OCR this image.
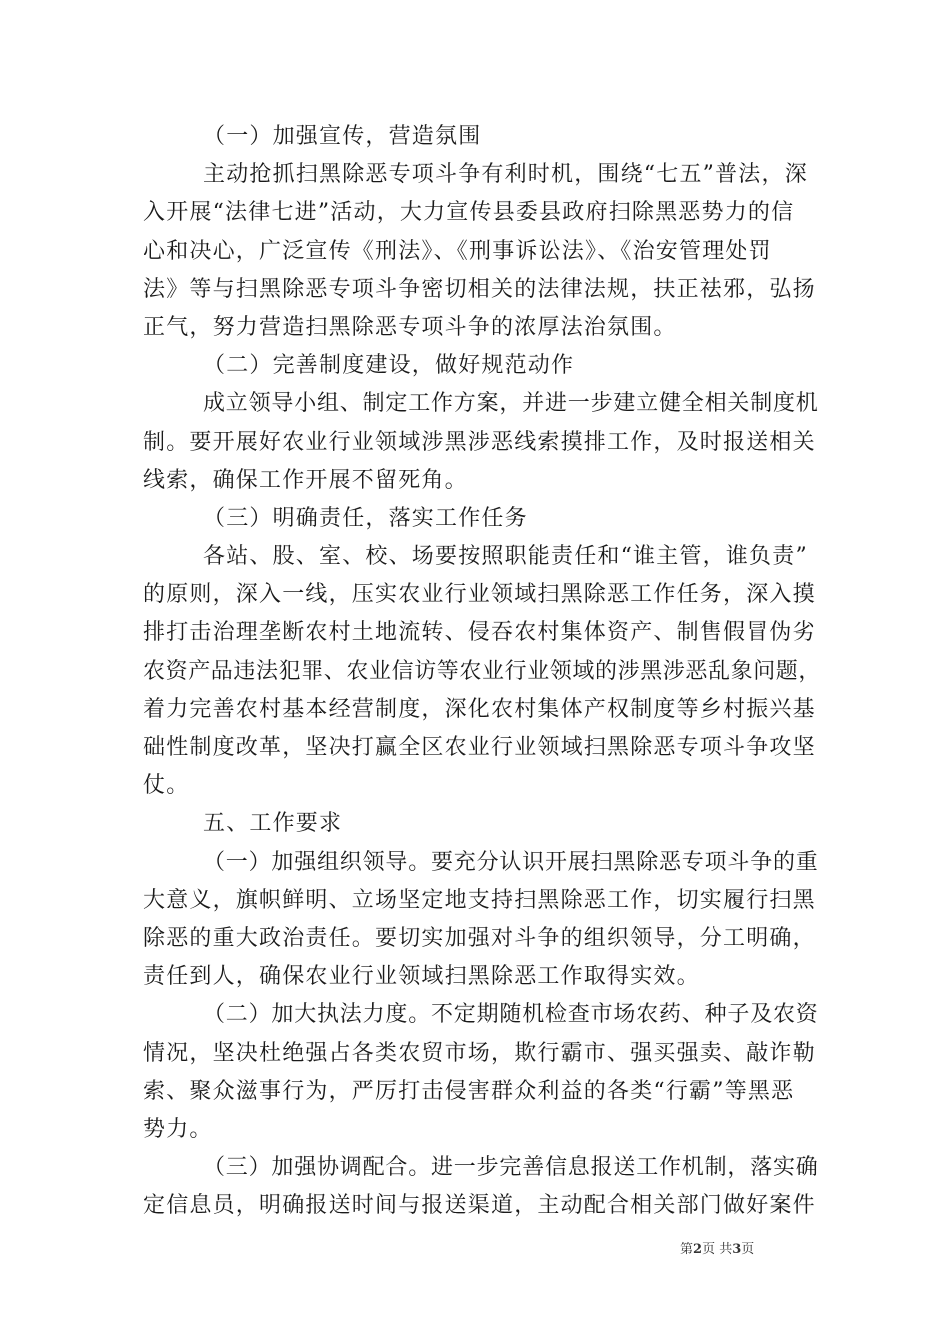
（一）加强宣传，营造氛围
主动抢抓扫黑除恶专项斗争有利时机，围绕“七五”普法，深
入开展“法律七进”活动，大力宣传县委县政府扫除黑恶势力的信
心和决心，广泛宣传《刑法》、《刑事诉讼法》、《治安管理处罚
法》等与扫黑除恶专项斗争密切相关的法律法规，扶正祛邪，弘扬
正气，努力营造扫黑除恶专项斗争的浓厚法治氛围。
（二）完善制度建设，做好规范动作
成立领导小组、制定工作方案，并进一步建立健全相关制度机
制。要开展好农业行业领域涉黑涉恶线索摸排工作，及时报送相关
线索，确保工作开展不留死角。
（三）明确责任，落实工作任务
各站、股、室、校、场要按照职能责任和“谁主管，谁负责”
的原则，深入一线，压实农业行业领域扫黑除恶工作任务，深入摸
排打击治理垄断农村土地流转、侵吞农村集体资产、制售假冒伪劣
农资产品违法犯罪、农业信访等农业行业领域的涉黑涉恶乱象问题，
着力完善农村基本经营制度，深化农村集体产权制度等乡村振兴基
础性制度改革，坚决打赢全区农业行业领域扫黑除恶专项斗争攻坚
仗。
五、工作要求
（一）加强组织领导。要充分认识开展扫黑除恶专项斗争的重
大意义，旗帜鲜明、立场坚定地支持扫黑除恶工作，切实履行扫黑
除恶的重大政治责任。要切实加强对斗争的组织领导，分工明确，
责任到人，确保农业行业领域扫黑除恶工作取得实效。
（二）加大执法力度。不定期随机检查市场农药、种子及农资
情况，坚决杜绝强占各类农贸市场，欺行霸市、强买强卖、敲诈勒
索、聚众滋事行为，严厉打击侵害群众利益的各类“行霸”等黑恶
势力。
（三）加强协调配合。进一步完善信息报送工作机制，落实确
定信息员，明确报送时间与报送渠道，主动配合相关部门做好案件
第2页 共3页
